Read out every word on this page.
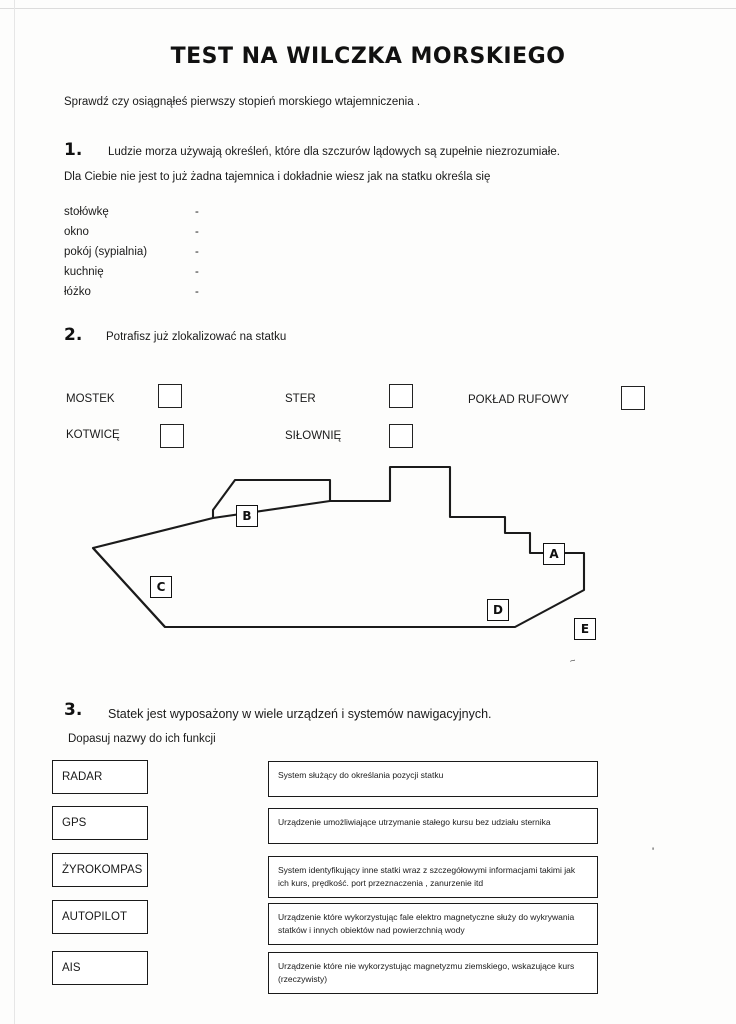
TEST NA WILCZKA MORSKIEGO
Sprawdź czy osiągnąłeś pierwszy stopień morskiego wtajemniczenia .
1. Ludzie morza używają określeń, które dla szczurów lądowych są zupełnie niezrozumiałe.
Dla Ciebie nie jest to już żadna tajemnica i dokładnie wiesz jak na statku określa się
stołówkę	-
okno	-
pokój (sypialnia)	-
kuchnię	-
łóżko	-
2. Potrafisz już zlokalizować na statku
MOSTEK	STER	POKŁAD RUFOWY
KOTWICĘ	SIŁOWNIĘ
B
A
C
D
E
~
3. Statek jest wyposażony w wiele urządzeń i systemów nawigacyjnych.
Dopasuj nazwy do ich funkcji
RADAR
GPS
ŻYROKOMPAS
AUTOPILOT
AIS
System służący do określania pozycji statku
Urządzenie umożliwiające utrzymanie stałego kursu bez udziału sternika
System identyfikujący inne statki wraz z szczegółowymi informacjami takimi jak ich kurs, prędkość. port przeznaczenia , zanurzenie itd
Urządzenie które wykorzystując fale elektro magnetyczne służy do wykrywania statków i innych obiektów nad powierzchnią wody
Urządzenie które nie wykorzystując magnetyzmu ziemskiego, wskazujące kurs (rzeczywisty)
'
